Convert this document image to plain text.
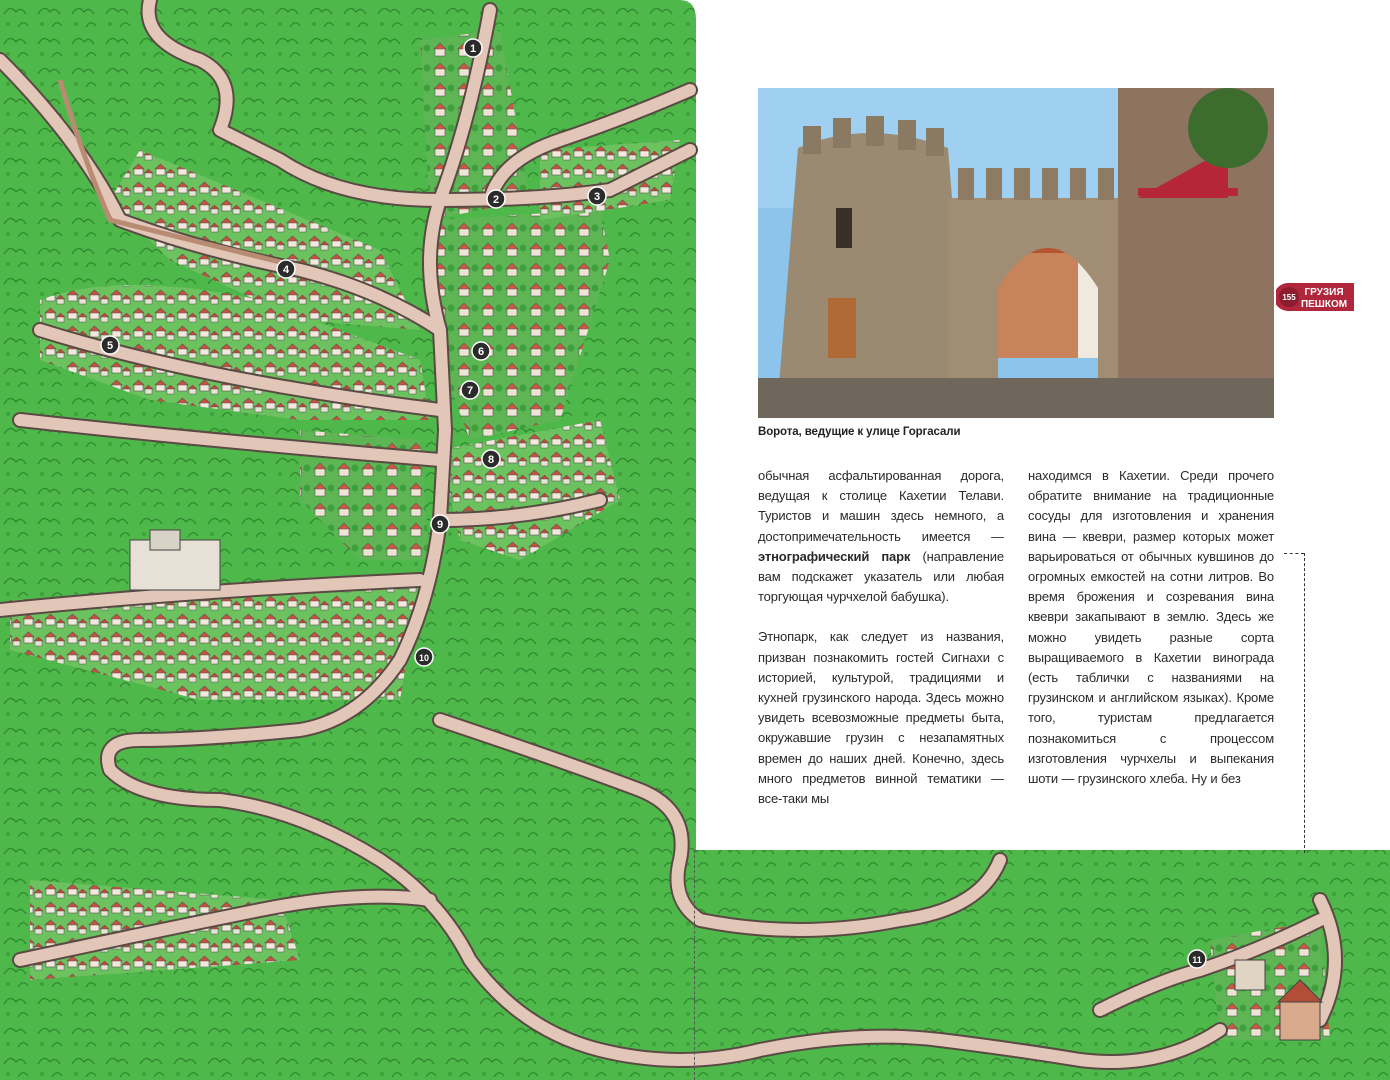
1
2	3
4
5	6
7
8
9
10
11
Ворота, ведущие к улице Горгасали
155 ГРУЗИЯ
ПЕШКОМ

обычная асфальтированная дорога, ведущая к столице Кахетии Телави. Туристов и машин здесь немного, а достопримечательность имеется — этнографический парк (направление вам подскажет указатель или любая торгующая чурчхелой бабушка).

Этнопарк, как следует из названия, призван познакомить гостей Сигнахи с историей, культурой, традициями и кухней грузинского народа. Здесь можно увидеть всевозможные предметы быта, окружавшие грузин с незапамятных времен до наших дней. Конечно, здесь много предметов винной тематики — все-таки мы

находимся в Кахетии. Среди прочего обратите внимание на традиционные сосуды для изготовления и хранения вина — квеври, размер которых может варьироваться от обычных кувшинов до огромных емкостей на сотни литров. Во время брожения и созревания вина квеври закапывают в землю. Здесь же можно увидеть разные сорта выращиваемого в Кахетии винограда (есть таблички с названиями на грузинском и английском языках). Кроме того, туристам предлагается познакомиться с процессом изготовления чурчхелы и выпекания шоти — грузинского хлеба. Ну и без
